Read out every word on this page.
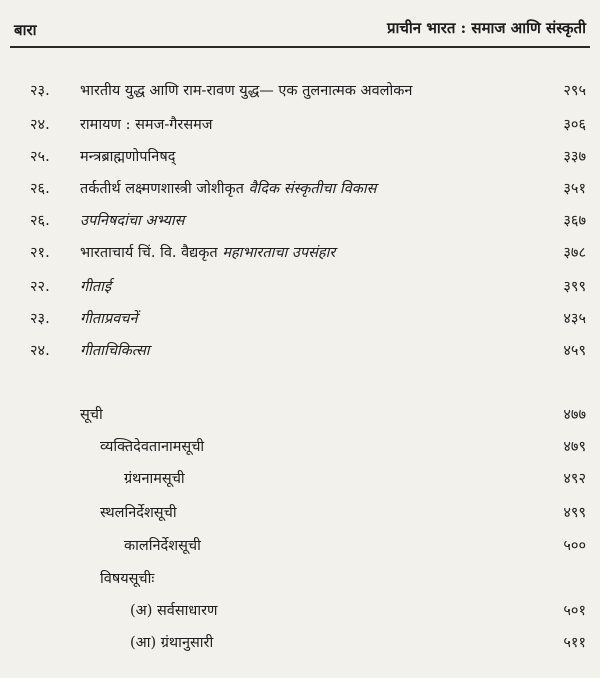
बारा	प्राचीन भारत : समाज आणि संस्कृती
२३. भारतीय युद्ध आणि राम-रावण युद्ध— एक तुलनात्मक अवलोकन	२९५
२४. रामायण : समज-गैरसमज	३०६
२५. मन्त्रब्राह्मणोपनिषद्	३३७
२६. तर्कतीर्थ लक्ष्मणशास्त्री जोशीकृत वैदिक संस्कृतीचा विकास	३५१
२६. उपनिषदांचा अभ्यास	३६७
२१. भारताचार्य चिं. वि. वैद्यकृत महाभारताचा उपसंहार	३७८
२२. गीताई	३९९
२३. गीताप्रवचनें	४३५
२४. गीताचिकित्सा	४५९
सूची	४७७
व्यक्तिदेवतानामसूची	४७९
ग्रंथनामसूची	४९२
स्थलनिर्देशसूची	४९९
कालनिर्देशसूची	५००
विषयसूचीः
(अ) सर्वसाधारण	५०१
(आ) ग्रंथानुसारी	५११
